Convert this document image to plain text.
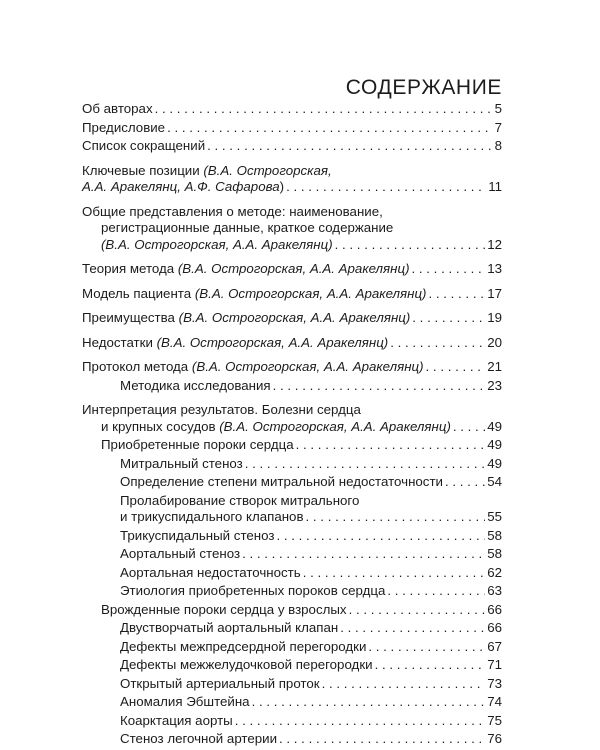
СОДЕРЖАНИЕ
Об авторах . . .	5
Предисловие . . .	7
Список сокращений . . .	8
Ключевые позиции (В.А. Острогорская,
А.А. Аракелянц, А.Ф. Сафарова) . . .	11
Общие представления о методе: наименование,
регистрационные данные, краткое содержание
(В.А. Острогорская, А.А. Аракелянц) . . .	12
Теория метода (В.А. Острогорская, А.А. Аракелянц) . . .	13
Модель пациента (В.А. Острогорская, А.А. Аракелянц) . . .	17
Преимущества (В.А. Острогорская, А.А. Аракелянц) . . .	19
Недостатки (В.А. Острогорская, А.А. Аракелянц) . . .	20
Протокол метода (В.А. Острогорская, А.А. Аракелянц) . . .	21
Методика исследования . . .	23
Интерпретация результатов. Болезни сердца
и крупных сосудов (В.А. Острогорская, А.А. Аракелянц) . . .	49
Приобретенные пороки сердца . . .	49
Митральный стеноз . . .	49
Определение степени митральной недостаточности . . .	54
Пролабирование створок митрального
и трикуспидального клапанов . . .	55
Трикуспидальный стеноз . . .	58
Аортальный стеноз . . .	58
Аортальная недостаточность . . .	62
Этиология приобретенных пороков сердца . . .	63
Врожденные пороки сердца у взрослых . . .	66
Двустворчатый аортальный клапан . . .	66
Дефекты межпредсердной перегородки . . .	67
Дефекты межжелудочковой перегородки . . .	71
Открытый артериальный проток . . .	73
Аномалия Эбштейна . . .	74
Коарктация аорты . . .	75
Стеноз легочной артерии . . .	76
